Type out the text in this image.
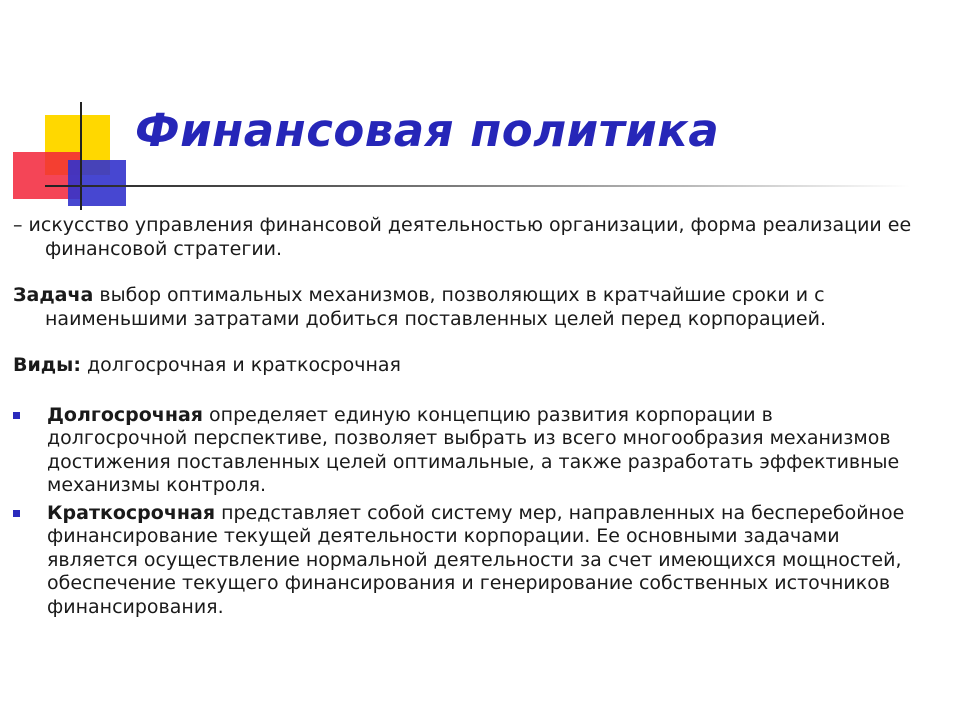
Финансовая политика

– искусство управления финансовой деятельностью организации, форма реализации ее финансовой стратегии.

Задача выбор оптимальных механизмов, позволяющих в кратчайшие сроки и с наименьшими затратами добиться поставленных целей перед корпорацией.

Виды: долгосрочная и краткосрочная

Долгосрочная определяет единую концепцию развития корпорации в долгосрочной перспективе, позволяет выбрать из всего многообразия механизмов достижения поставленных целей оптимальные, а также разработать эффективные механизмы контроля.
Краткосрочная представляет собой систему мер, направленных на бесперебойное финансирование текущей деятельности корпорации. Ее основными задачами является осуществление нормальной деятельности за счет имеющихся мощностей, обеспечение текущего финансирования и генерирование собственных источников финансирования.
